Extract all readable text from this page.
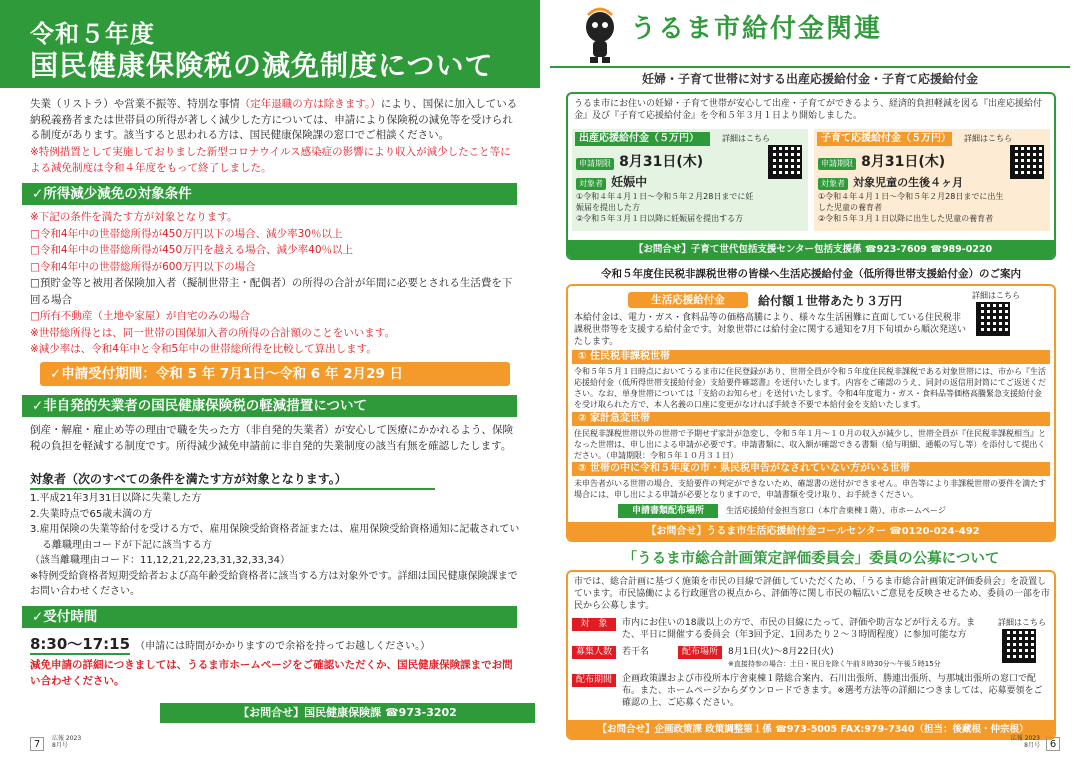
令和５年度
国民健康保険税の減免制度について
失業（リストラ）や営業不振等、特別な事情（定年退職の方は除きます。）により、国保に加入している納税義務者または世帯員の所得が著しく減少した方については、申請により保険税の減免等を受けられる制度があります。該当すると思われる方は、国民健康保険課の窓口でご相談ください。
※特例措置として実施しておりました新型コロナウイルス感染症の影響により収入が減少したこと等による減免制度は令和４年度をもって終了しました。
✓所得減少減免の対象条件
※下記の条件を満たす方が対象となります。
□令和4年中の世帯総所得が450万円以下の場合、減少率30％以上
□令和4年中の世帯総所得が450万円を越える場合、減少率40％以上
□令和4年中の世帯総所得が600万円以下の場合
□預貯金等と被用者保険加入者（擬制世帯主・配偶者）の所得の合計が年間に必要とされる生活費を下回る場合
□所有不動産（土地や家屋）が自宅のみの場合
※世帯総所得とは、同一世帯の国保加入者の所得の合計額のことをいいます。
※減少率は、令和4年中と令和5年中の世帯総所得を比較して算出します。
✓申請受付期間：令和 5 年 7月1日～令和 6 年 2月29 日
✓非自発的失業者の国民健康保険税の軽減措置について
倒産・解雇・雇止め等の理由で職を失った方（非自発的失業者）が安心して医療にかかれるよう、保険税の負担を軽減する制度です。所得減少減免申請前に非自発的失業制度の該当有無を確認したします。
対象者（次のすべての条件を満たす方が対象となります。）
1.平成21年3月31日以降に失業した方
2.失業時点で65歳未満の方
3.雇用保険の失業等給付を受ける方で、雇用保険受給資格者証または、雇用保険受給資格通知に記載されている離職理由コードが下記に該当する方
（該当離職理由コード：11,12,21,22,23,31,32,33,34）
※特例受給資格者短期受給者および高年齢受給資格者に該当する方は対象外です。詳細は国民健康保険課までお問い合わせください。
✓受付時間
8:30～17:15 （申請には時間がかかりますので余裕を持ってお越しください。）
減免申請の詳細につきましては、うるま市ホームページをご確認いただくか、国民健康保険課までお問い合わせください。
【お問合せ】国民健康保険課 ☎973-3202
7
広報 2023 8月号
うるま市給付金関連
妊婦・子育て世帯に対する出産応援給付金・子育て応援給付金
うるま市にお住いの妊婦・子育て世帯が安心して出産・子育てができるよう、経済的負担軽減を図る『出産応援給付金』及び『子育て応援給付金』を令和５年３月１日より開始しました。
出産応援給付金（５万円）	詳細はこちら
申請期限 8月31日(木)
対象者 妊娠中
①令和４年４月１日～令和５年２月28日までに妊娠届を提出した方
②令和５年３月１日以降に妊娠届を提出する方
子育て応援給付金（５万円） 詳細はこちら
申請期限 8月31日(木)
対象者 対象児童の生後４ヶ月
①令和４年４月１日～令和５年２月28日までに出生した児童の養育者
②令和５年３月１日以降に出生した児童の養育者
【お問合せ】子育て世代包括支援センター包括支援係 ☎923-7609 ☎989-0220
令和５年度住民税非課税世帯の皆様へ生活応援給付金（低所得世帯支援給付金）のご案内
生活応援給付金	給付額１世帯あたり３万円	詳細はこちら
本給付金は、電力・ガス・食料品等の価格高騰により、様々な生活困難に直面している住民税非課税世帯等を支援する給付金です。対象世帯には給付金に関する通知を7月下旬頃から順次発送いたします。
① 住民税非課税世帯
令和５年５月１日時点においてうるま市に住民登録があり、世帯全員が令和５年度住民税非課税である対象世帯には、市から『生活応援給付金（低所得世帯支援給付金）支給要件確認書』を送付いたします。内容をご確認のうえ、同封の返信用封筒にてご返送ください。なお、単身世帯については「支給のお知らせ」を送付いたします。令和4年度電力・ガス・食料品等価格高騰緊急支援給付金を受け取られた方で、本人名義の口座に変更がなければ手続き不要で本給付金を支給いたします。
② 家計急変世帯
住民税非課税世帯以外の世帯で予期せず家計が急変し、令和５年１月～１０月の収入が減少し、世帯全員が『住民税非課税相当』となった世帯は、申し出による申請が必要です。申請書類に、収入額が確認できる書類（給与明細、通帳の写し等）を添付して提出ください。（申請期限：令和５年１０月３１日）
③ 世帯の中に令和５年度の市・県民税申告がなされていない方がいる世帯
未申告者がいる世帯の場合、支給要件の判定ができないため、確認書の送付ができません。申告等により非課税世帯の要件を満たす場合には、申し出による申請が必要となりますので、申請書類を受け取り、お手続きください。
申請書類配布場所	生活応援給付金担当窓口（本庁舎東棟１階）、市ホームページ
【お問合せ】うるま市生活応援給付金コールセンター ☎0120-024-492
「うるま市総合計画策定評価委員会」委員の公募について
市では、総合計画に基づく施策を市民の目線で評価していただくため、「うるま市総合計画策定評価委員会」を設置しています。市民協働による行政運営の視点から、評価等に関し市民の幅広いご意見を反映させるため、委員の一部を市民から公募します。
対　象	市内にお住いの18歳以上の方で、市民の目線にたって、評価や助言などが行える方。また、平日に開催する委員会（年3回予定、1回あたり２～３時間程度）に参加可能な方
詳細はこちら
募集人数	若干名	配布場所	8月1日(火)～8月22日(火)
※直接持参の場合：土日・祝日を除く午前８時30分～午後５時15分
配布期間	企画政策課および市役所本庁舎東棟１階総合案内、石川出張所、勝連出張所、与那城出張所の窓口で配布。また、ホームページからダウンロードできます。※選考方法等の詳細につきましては、応募要領をご確認の上、ご応募ください。
【お問合せ】企画政策課 政策調整第１係 ☎973-5005 FAX:979-7340（担当：後藏根・仲宗根）
広報 2023 8月号 6
